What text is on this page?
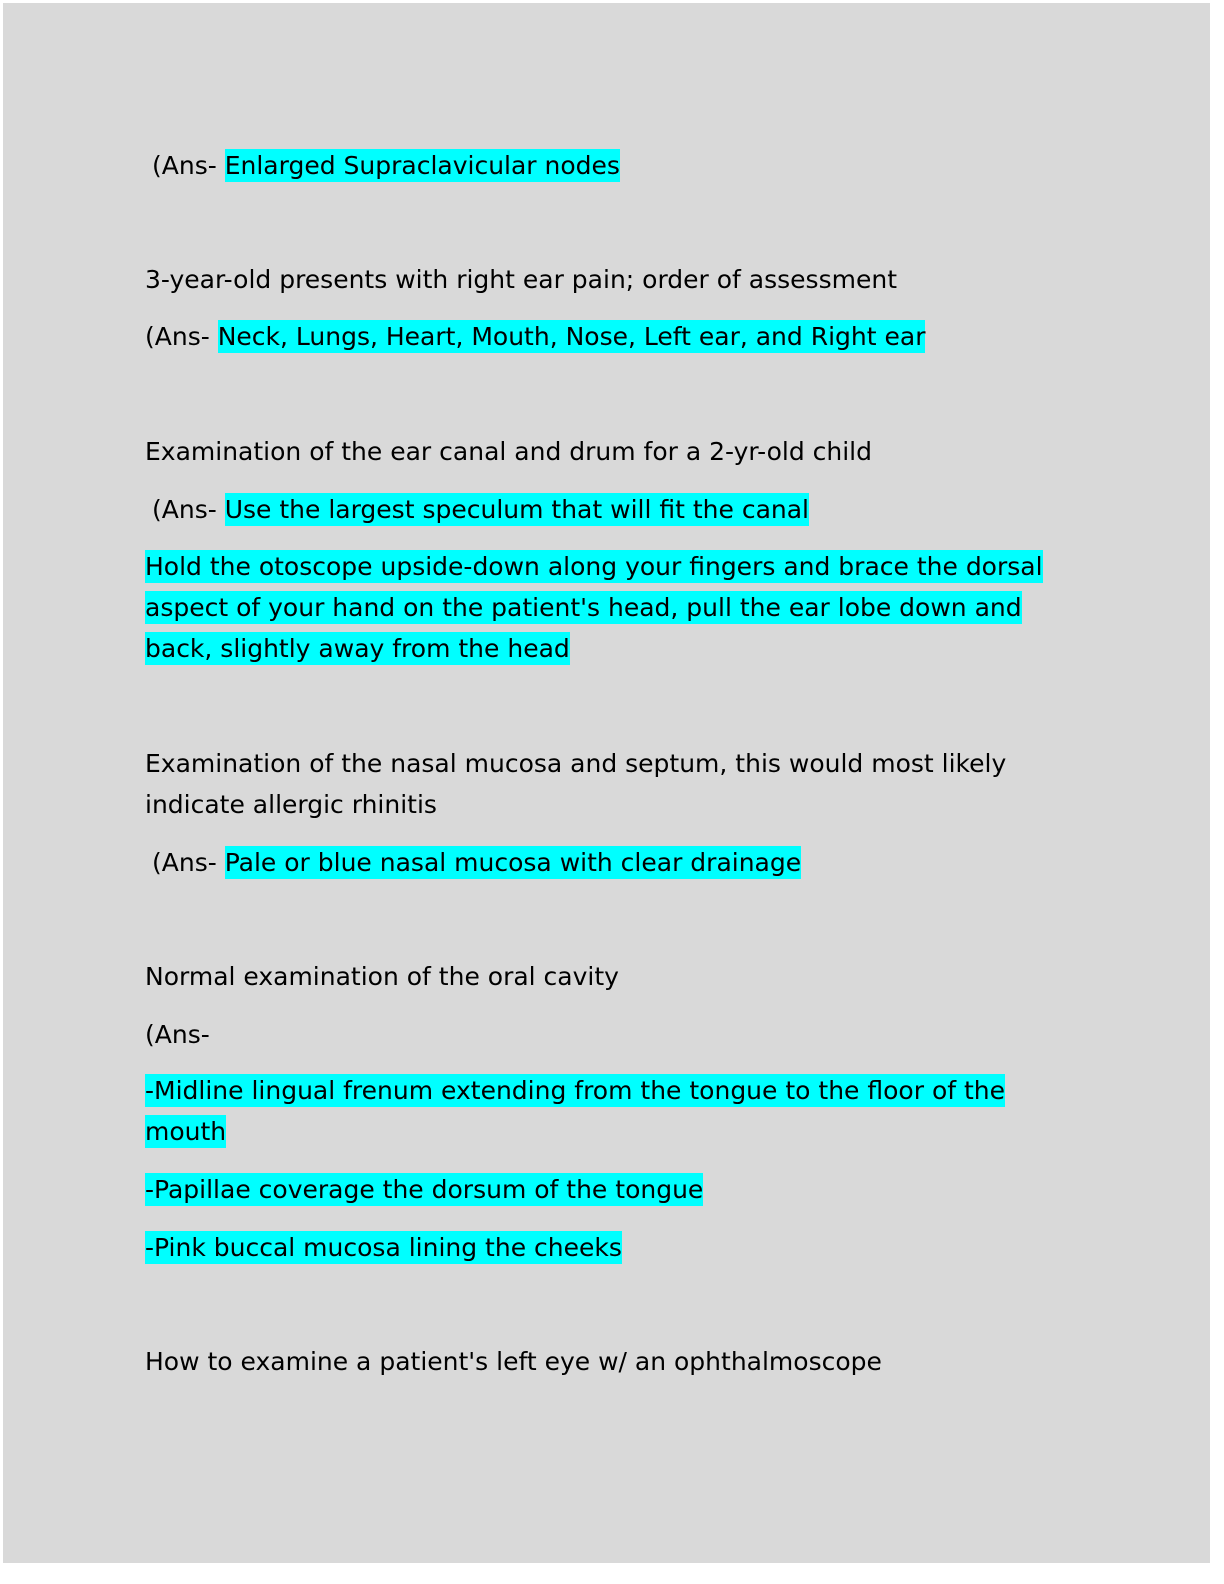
(Ans- Enlarged Supraclavicular nodes
3-year-old presents with right ear pain; order of assessment
(Ans- Neck, Lungs, Heart, Mouth, Nose, Left ear, and Right ear
Examination of the ear canal and drum for a 2-yr-old child
(Ans- Use the largest speculum that will fit the canal
Hold the otoscope upside-down along your fingers and brace the dorsal
aspect of your hand on the patient's head, pull the ear lobe down and
back, slightly away from the head
Examination of the nasal mucosa and septum, this would most likely
indicate allergic rhinitis
(Ans- Pale or blue nasal mucosa with clear drainage
Normal examination of the oral cavity
(Ans-
-Midline lingual frenum extending from the tongue to the floor of the
mouth
-Papillae coverage the dorsum of the tongue
-Pink buccal mucosa lining the cheeks
How to examine a patient's left eye w/ an ophthalmoscope
